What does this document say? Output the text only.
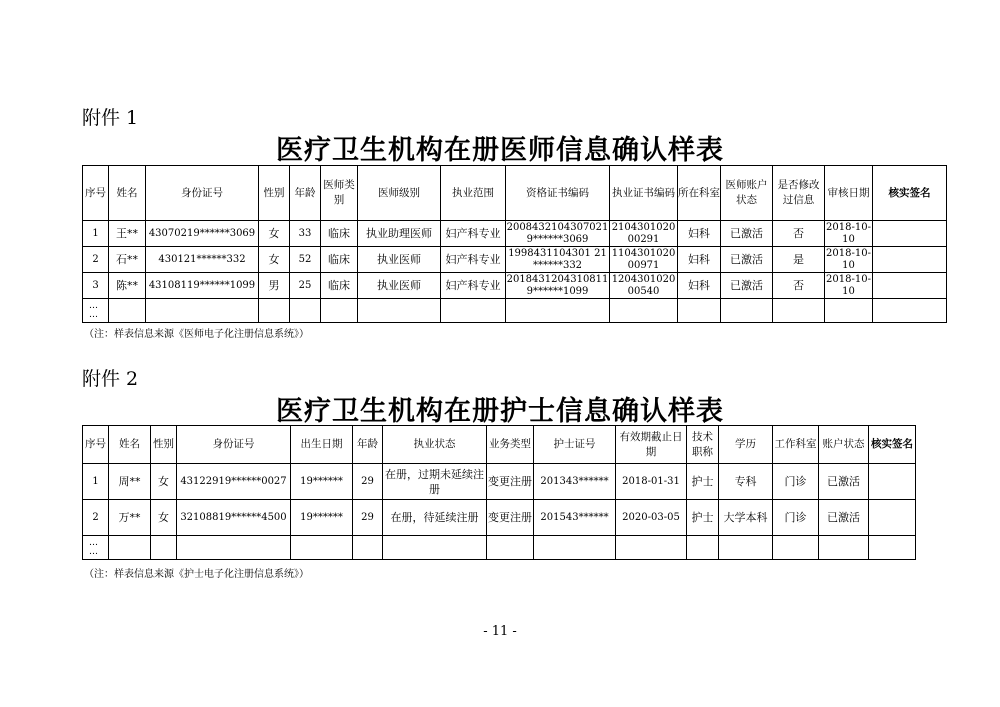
附件 1
医疗卫生机构在册医师信息确认样表
序号	姓名	身份证号	性别	年龄	医师类别	医师级别	执业范围	资格证书编码	执业证书编码	所在科室	医师账户状态	是否修改过信息	审核日期	核实签名
1	王**	43070219******3069	女	33	临床	执业助理医师	妇产科专业	20084321043070219******3069	210430102000291	妇科	已激活	否	2018-10-10	
2	石**	430121******332	女	52	临床	执业医师	妇产科专业	1998431104301 21******332	110430102000971	妇科	已激活	是	2018-10-10	
3	陈**	43108119******1099	男	25	临床	执业医师	妇产科专业	20184312043108119******1099	120430102000540	妇科	已激活	否	2018-10-10	
…
…														
（注：样表信息来源《医师电子化注册信息系统》）
附件 2
医疗卫生机构在册护士信息确认样表
序号	姓名	性别	身份证号	出生日期	年龄	执业状态	业务类型	护士证号	有效期截止日期	技术职称	学历	工作科室	账户状态	核实签名
1	周**	女	43122919******0027	19******	29	在册，过期未延续注册	变更注册	201343******	2018-01-31	护士	专科	门诊	已激活	
2	万**	女	32108819******4500	19******	29	在册，待延续注册	变更注册	201543******	2020-03-05	护士	大学本科	门诊	已激活	
…
…														
（注：样表信息来源《护士电子化注册信息系统》）
- 11 -
